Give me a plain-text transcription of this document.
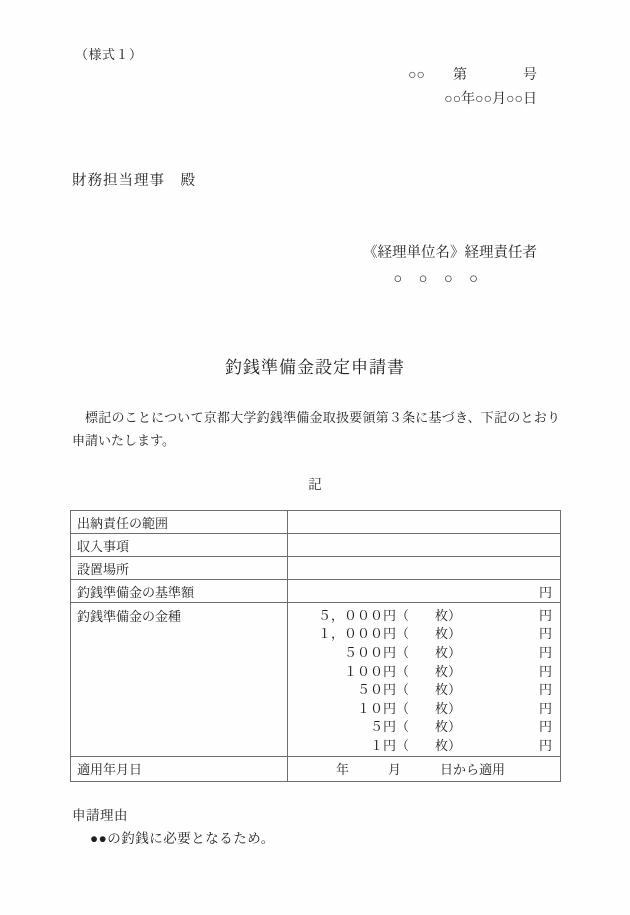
（様式１）
○○　　第　　　　号
○○年○○月○○日
財務担当理事　殿
《経理単位名》経理責任者
○　○　○　○
釣銭準備金設定申請書
標記のことについて京都大学釣銭準備金取扱要領第３条に基づき、下記のとおり申請いたします。
記
出納責任の範囲	
収入事項	
設置場所	
釣銭準備金の基準額	円
釣銭準備金の金種	５，０００円（　　枚）	円
１，０００円（　　枚）	円
５００円（　　枚）	円
１００円（　　枚）	円
５０円（　　枚）	円
１０円（　　枚）	円
５円（　　枚）	円
１円（　　枚）	円

適用年月日	年　　　月　　　日から適用
申請理由
●●の釣銭に必要となるため。
